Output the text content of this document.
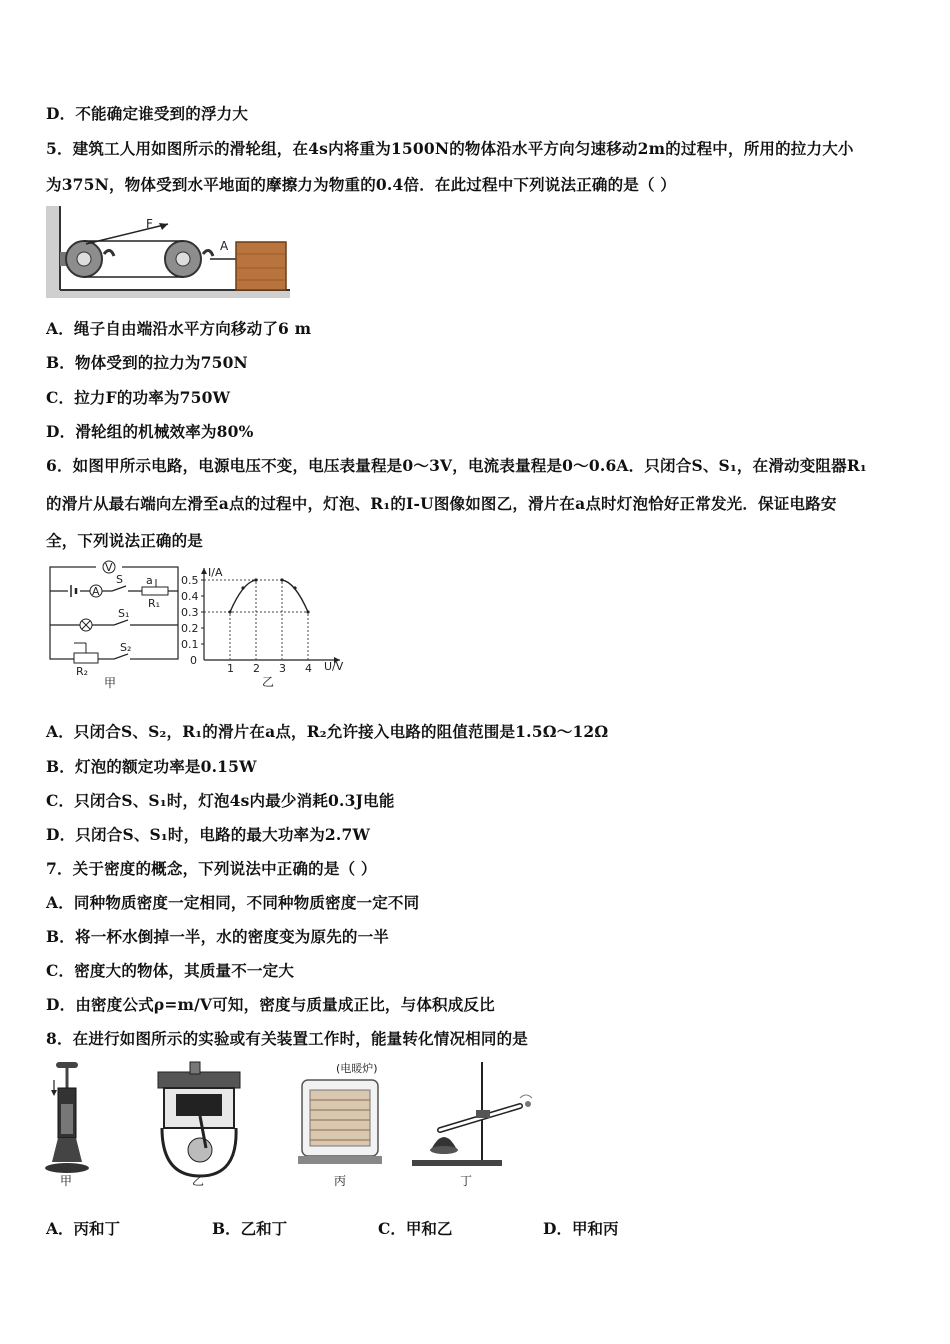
D．不能确定谁受到的浮力大
5．建筑工人用如图所示的滑轮组，在4s内将重为1500N的物体沿水平方向匀速移动2m的过程中，所用的拉力大小
为375N，物体受到水平地面的摩擦力为物重的0.4倍．在此过程中下列说法正确的是（ ）
F
A
A．绳子自由端沿水平方向移动了6 m
B．物体受到的拉力为750N
C．拉力F的功率为750W
D．滑轮组的机械效率为80%
6．如图甲所示电路，电源电压不变，电压表量程是0～3V，电流表量程是0～0.6A．只闭合S、S₁，在滑动变阻器R₁
的滑片从最右端向左滑至a点的过程中，灯泡、R₁的I-U图像如图乙，滑片在a点时灯泡恰好正常发光．保证电路安
全，下列说法正确的是
V
A
S a
R₁
S₁
S₂
R₂
甲
I/A
U/V
0.1
0.2
0.3
0.4
0.5
0
1 2 3 4
乙
A．只闭合S、S₂，R₁的滑片在a点，R₂允许接入电路的阻值范围是1.5Ω～12Ω
B．灯泡的额定功率是0.15W
C．只闭合S、S₁时，灯泡4s内最少消耗0.3J电能
D．只闭合S、S₁时，电路的最大功率为2.7W
7．关于密度的概念，下列说法中正确的是（ ）
A．同种物质密度一定相同，不同种物质密度一定不同
B．将一杯水倒掉一半，水的密度变为原先的一半
C．密度大的物体，其质量不一定大
D．由密度公式ρ=m/V可知，密度与质量成正比，与体积成反比
8．在进行如图所示的实验或有关装置工作时，能量转化情况相同的是
甲	乙
(电暖炉)
丙	丁
A．丙和丁	B．乙和丁	C．甲和乙	D．甲和丙
